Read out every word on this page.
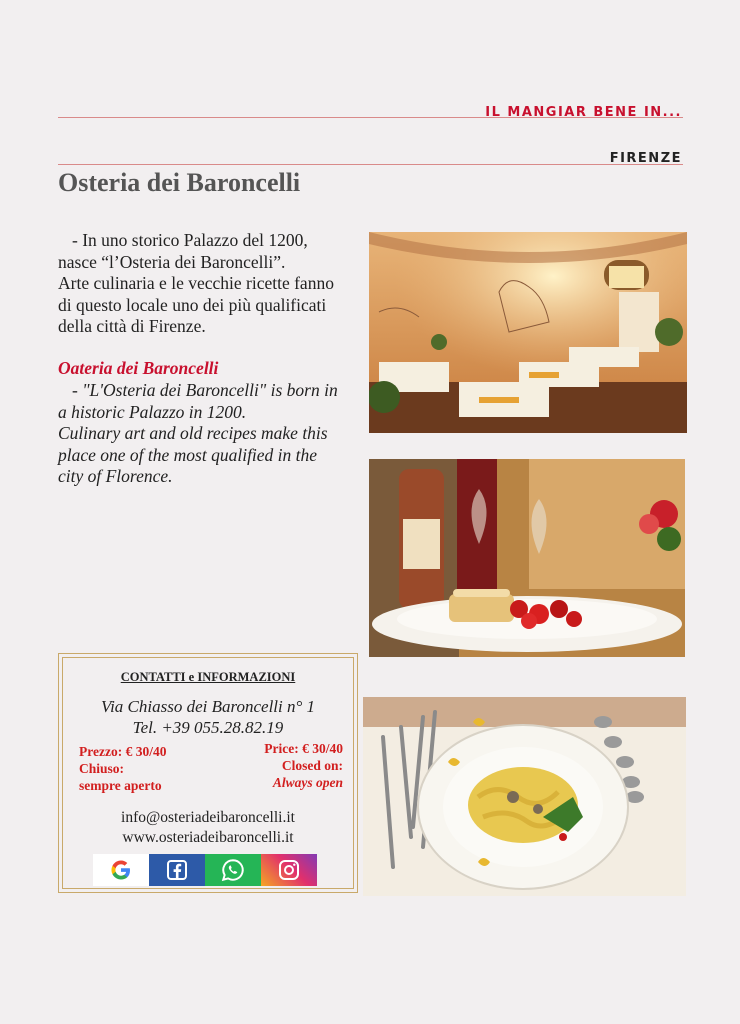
IL MANGIAR BENE IN...
FIRENZE
Osteria dei Baroncelli
- In uno storico Palazzo del 1200,
nasce “l’Osteria dei Baroncelli”.
Arte culinaria e le vecchie ricette fanno
di questo locale uno dei più qualificati
della città di Firenze.
Oateria dei Baroncelli
- "L'Osteria dei Baroncelli" is born in
a historic Palazzo in 1200.
Culinary art and old recipes make this
place one of the most qualified in the
city of Florence.
CONTATTI e INFORMAZIONI
Via Chiasso dei Baroncelli n° 1
Tel. +39 055.28.82.19
Prezzo: € 30/40
Chiuso:
sempre aperto
Price: € 30/40
Closed on:
Always open
info@osteriadeibaroncelli.it
www.osteriadeibaroncelli.it
